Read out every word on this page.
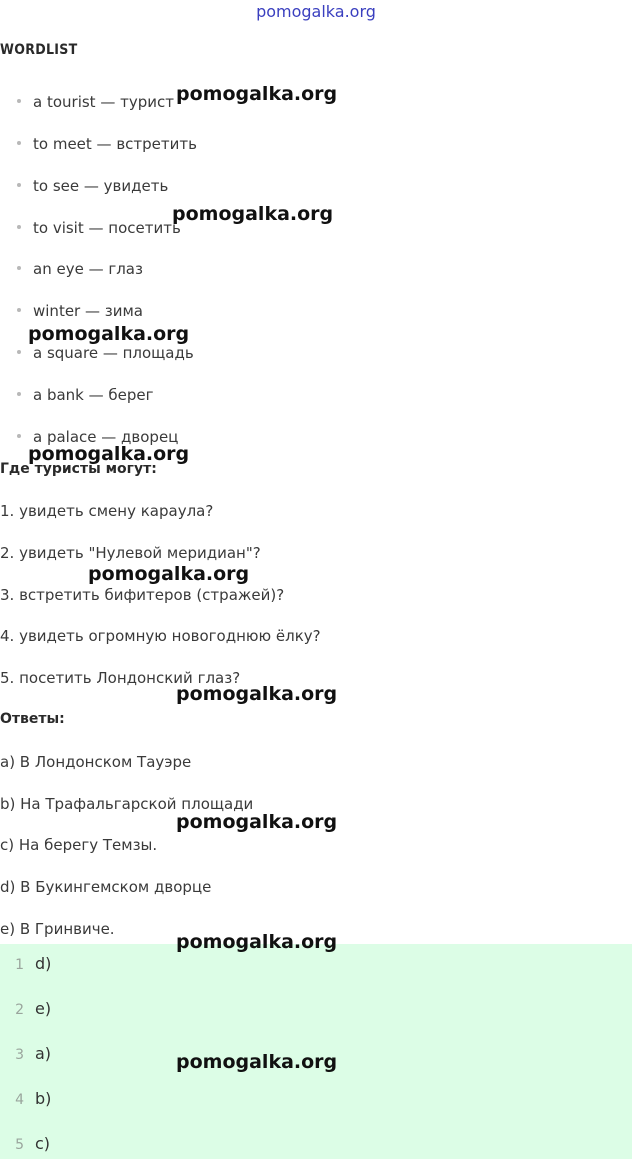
pomogalka.org
WORDLIST
a tourist — турист
to meet — встретить
to see — увидеть
to visit — посетить
an eye — глаз
winter — зима
a square — площадь
a bank — берег
a palace — дворец
Где туристы могут:
1. увидеть смену караула?
2. увидеть "Нулевой меридиан"?
3. встретить бифитеров (стражей)?
4. увидеть огромную новогоднюю ёлку?
5. посетить Лондонский глаз?
Ответы:
a) В Лондонском Тауэре
b) На Трафальгарской площади
c) На берегу Темзы.
d) В Букингемском дворце
e) В Гринвиче.
1 d)
2 e)
3 a)
4 b)
5 c)
pomogalka.org
pomogalka.org
pomogalka.org
pomogalka.org
pomogalka.org
pomogalka.org
pomogalka.org
pomogalka.org
pomogalka.org
